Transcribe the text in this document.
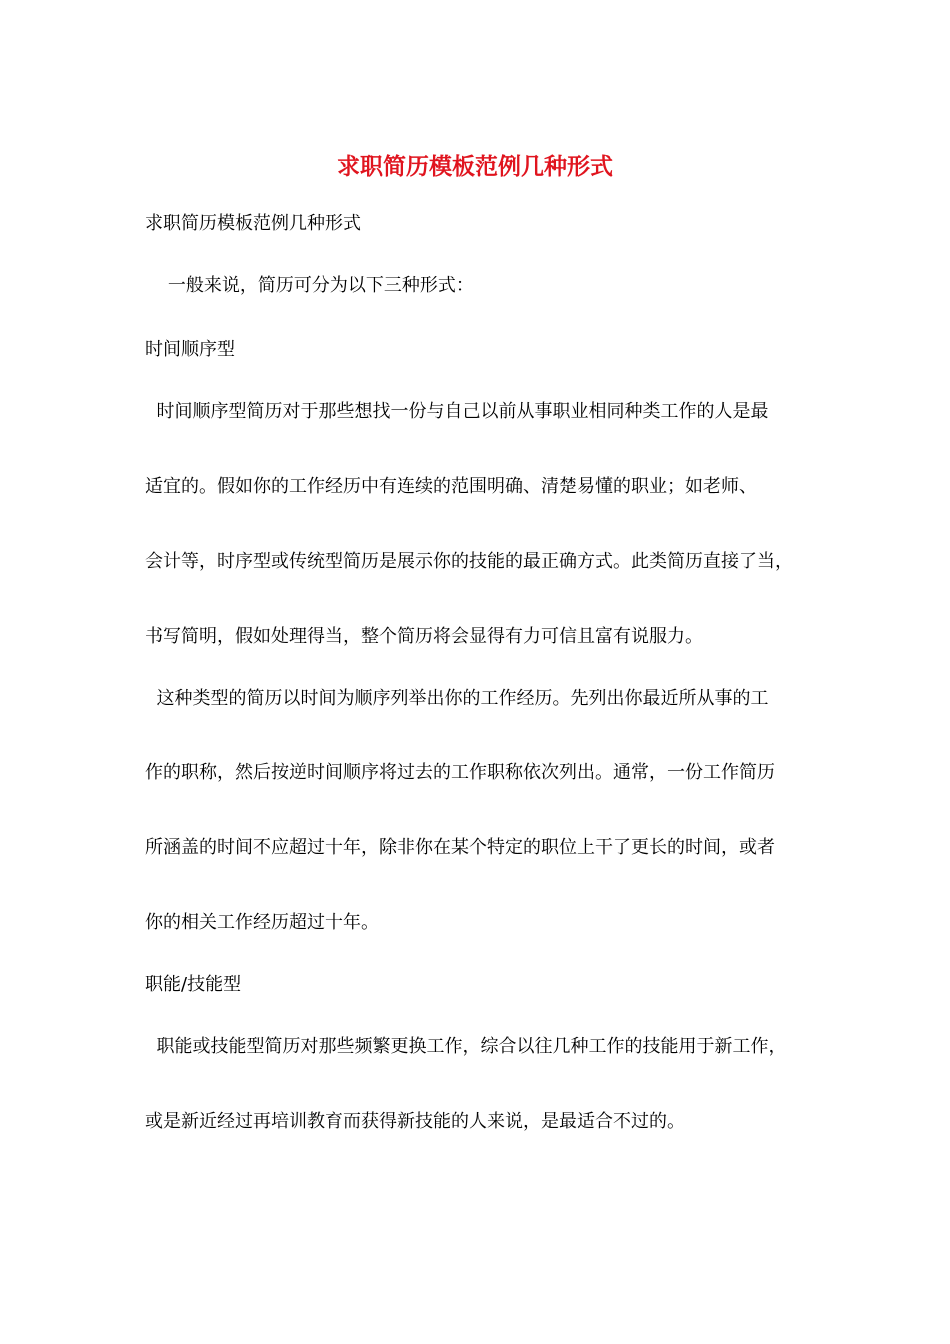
求职简历模板范例几种形式
求职简历模板范例几种形式
一般来说，简历可分为以下三种形式：
时间顺序型
时间顺序型简历对于那些想找一份与自己以前从事职业相同种类工作的人是最
适宜的。假如你的工作经历中有连续的范围明确、清楚易懂的职业；如老师、
会计等，时序型或传统型简历是展示你的技能的最正确方式。此类简历直接了当，
书写简明，假如处理得当，整个简历将会显得有力可信且富有说服力。
这种类型的简历以时间为顺序列举出你的工作经历。先列出你最近所从事的工
作的职称，然后按逆时间顺序将过去的工作职称依次列出。通常，一份工作简历
所涵盖的时间不应超过十年，除非你在某个特定的职位上干了更长的时间，或者
你的相关工作经历超过十年。
职能/技能型
职能或技能型简历对那些频繁更换工作，综合以往几种工作的技能用于新工作，
或是新近经过再培训教育而获得新技能的人来说，是最适合不过的。
